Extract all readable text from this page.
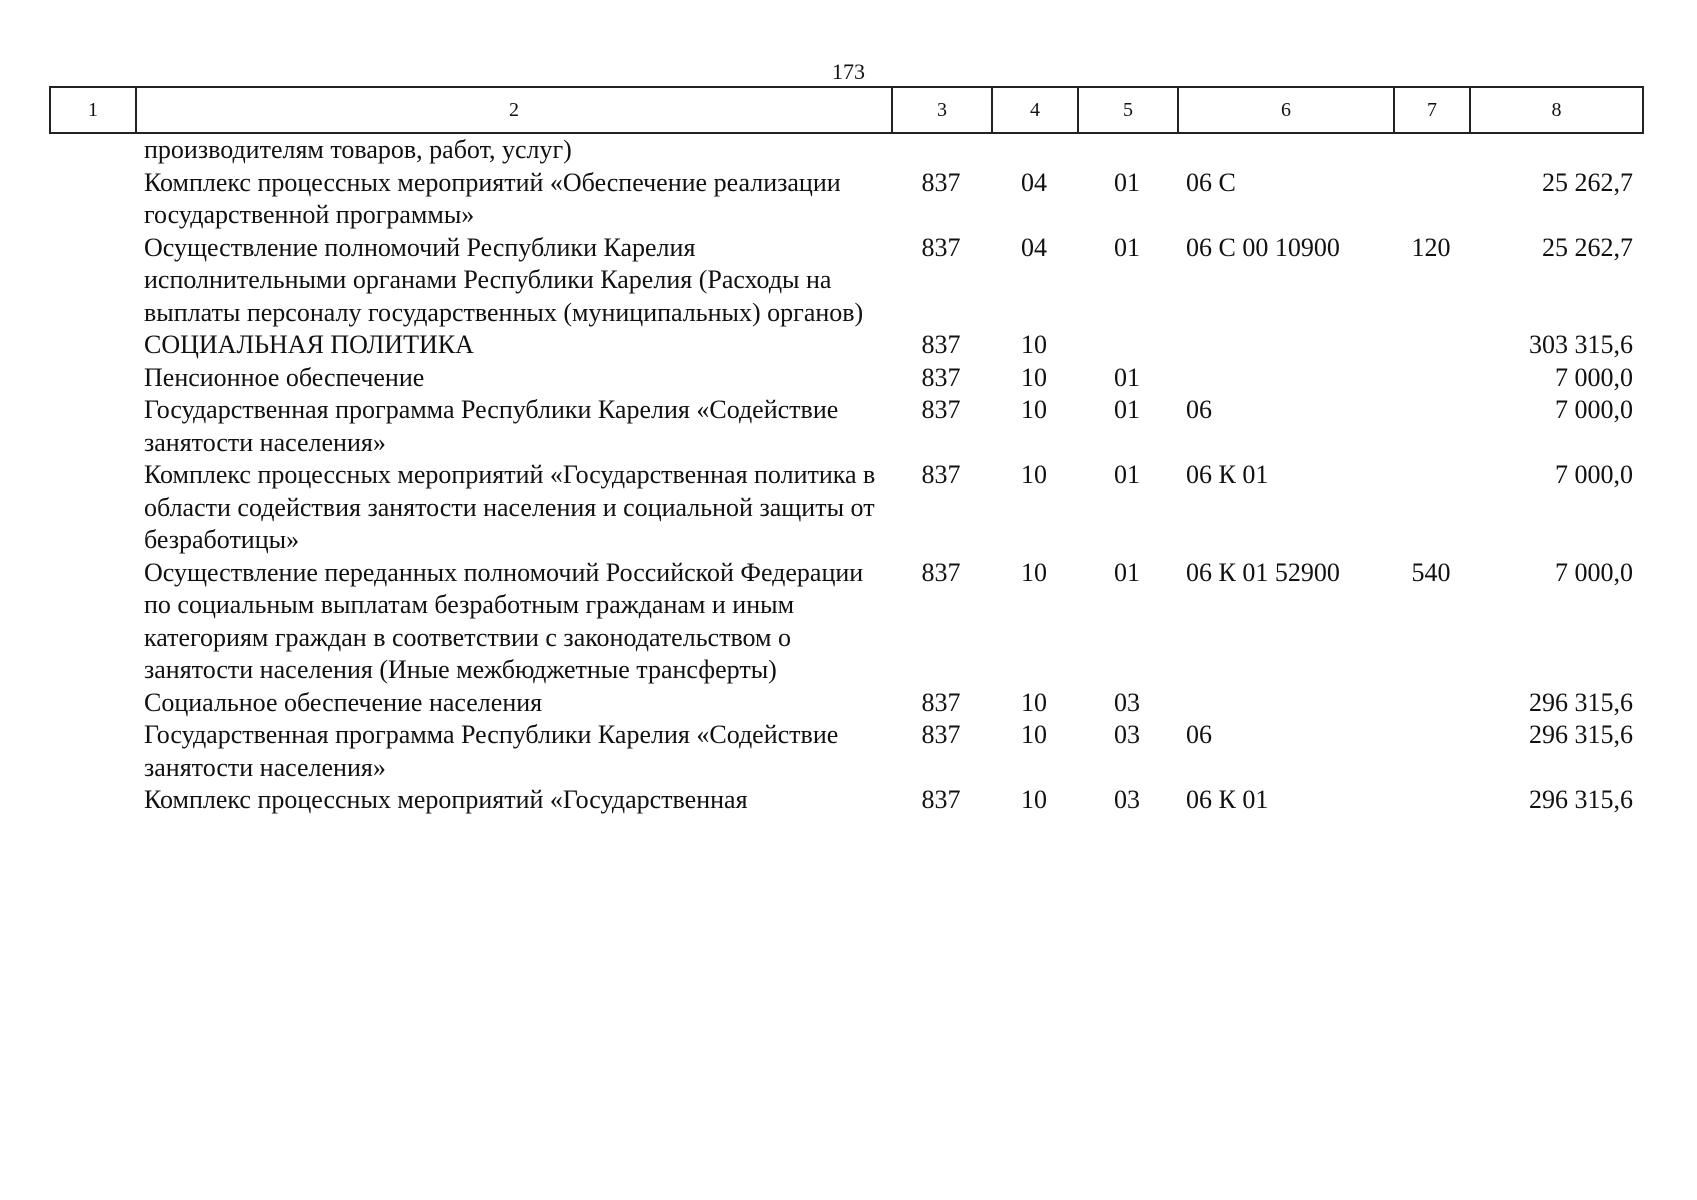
173
1	2	3	4	5	6	7	8
	производителям товаров, работ, услуг)						
	Комплекс процессных мероприятий «Обеспечение реализации государственной программы»	837	04	01	06 С		25 262,7
	Осуществление полномочий Республики Карелия исполнительными органами Республики Карелия (Расходы на выплаты персоналу государственных (муниципальных) органов)	837	04	01	06 С 00 10900	120	25 262,7
	СОЦИАЛЬНАЯ ПОЛИТИКА	837	10				303 315,6
	Пенсионное обеспечение	837	10	01			7 000,0
	Государственная программа Республики Карелия «Содействие занятости населения»	837	10	01	06		7 000,0
	Комплекс процессных мероприятий «Государственная политика в области содействия занятости населения и социальной защиты от безработицы»	837	10	01	06 К 01		7 000,0
	Осуществление переданных полномочий Российской Федерации по социальным выплатам безработным гражданам и иным категориям граждан в соответствии с законодательством о занятости населения (Иные межбюджетные трансферты)	837	10	01	06 К 01 52900	540	7 000,0
	Социальное обеспечение населения	837	10	03			296 315,6
	Государственная программа Республики Карелия «Содействие занятости населения»	837	10	03	06		296 315,6
	Комплекс процессных мероприятий «Государственная	837	10	03	06 К 01		296 315,6
